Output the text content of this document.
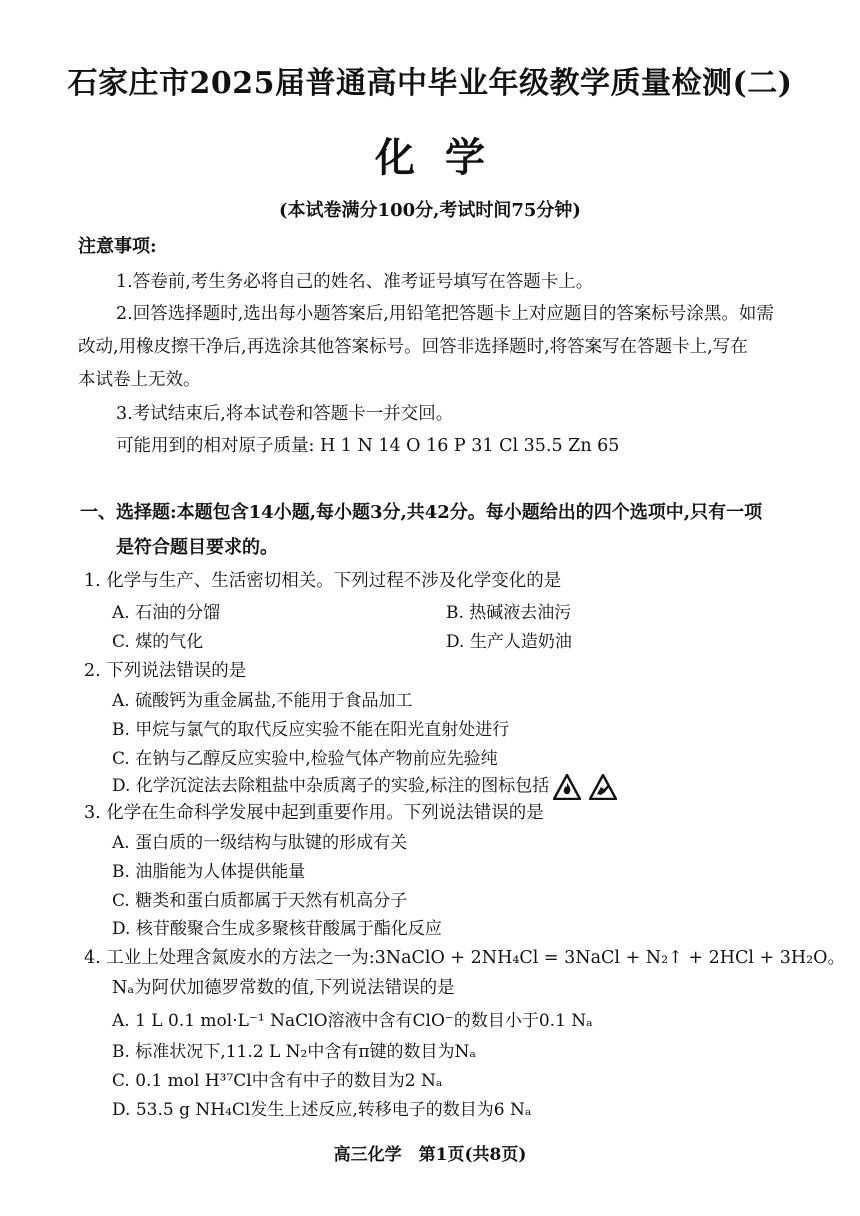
石家庄市2025届普通高中毕业年级教学质量检测(二)
化学
(本试卷满分100分,考试时间75分钟)
注意事项:
1.答卷前,考生务必将自己的姓名、准考证号填写在答题卡上。
2.回答选择题时,选出每小题答案后,用铅笔把答题卡上对应题目的答案标号涂黑。如需
改动,用橡皮擦干净后,再选涂其他答案标号。回答非选择题时,将答案写在答题卡上,写在
本试卷上无效。
3.考试结束后,将本试卷和答题卡一并交回。
可能用到的相对原子质量: H 1 N 14 O 16 P 31 Cl 35.5 Zn 65
一、选择题:本题包含14小题,每小题3分,共42分。每小题给出的四个选项中,只有一项
是符合题目要求的。
1. 化学与生产、生活密切相关。下列过程不涉及化学变化的是
A. 石油的分馏	B. 热碱液去油污
C. 煤的气化	D. 生产人造奶油
2. 下列说法错误的是
A. 硫酸钙为重金属盐,不能用于食品加工
B. 甲烷与氯气的取代反应实验不能在阳光直射处进行
C. 在钠与乙醇反应实验中,检验气体产物前应先验纯
D. 化学沉淀法去除粗盐中杂质离子的实验,标注的图标包括
3. 化学在生命科学发展中起到重要作用。下列说法错误的是
A. 蛋白质的一级结构与肽键的形成有关
B. 油脂能为人体提供能量
C. 糖类和蛋白质都属于天然有机高分子
D. 核苷酸聚合生成多聚核苷酸属于酯化反应
4. 工业上处理含氮废水的方法之一为:3NaClO + 2NH₄Cl = 3NaCl + N₂↑ + 2HCl + 3H₂O。
Nₐ为阿伏加德罗常数的值,下列说法错误的是
A. 1 L 0.1 mol·L⁻¹ NaClO溶液中含有ClO⁻的数目小于0.1 Nₐ
B. 标准状况下,11.2 L N₂中含有π键的数目为Nₐ
C. 0.1 mol H³⁷Cl中含有中子的数目为2 Nₐ
D. 53.5 g NH₄Cl发生上述反应,转移电子的数目为6 Nₐ
高三化学　第1页(共8页)
